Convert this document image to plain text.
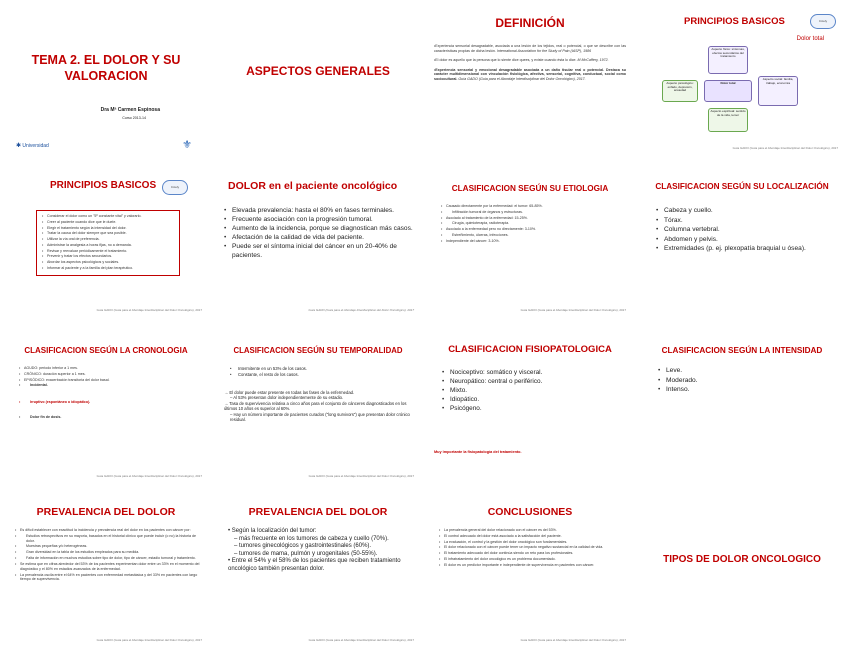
TEMA 2. EL DOLOR Y SU VALORACION
Dra Mª Carmen Espinosa
Curso 2013-14
✱ Universidad	⚜
ASPECTOS GENERALES
DEFINICIÓN

•Experiencia sensorial desagradable, asociada a una lesión de los tejidos, real o potencial, o que se describe con las características propias de dicha lesión. International Association for the Study of Pain (IASP), 1986

•El dolor es aquello que la persona que lo siente dice quees, y existe cuando ésta lo dice. M McCaffery, 1972.

•Experiencia sensorial y emocional desagradable asociada a un daño tisular real o potencial. Destaca su carácter multidimensional con vinculación fisiológica, afectiva, sensorial, cognitiva, conductual, social como sociocultural. Guía GADO (Guía para el Abordaje Interdisciplinar del Dolor Oncológico), 2017.

PRINCIPIOS BASICOS	Cicely
Dolor total
Aspecto físico: síntomas, efectos secundarios del tratamiento
Aspecto psicológico: enfado, depresión, ansiedad
Dolor total
Aspecto social: familia, trabajo, economía
Aspecto espiritual: sentido de la vida, temor
Guía GADO (Guía para el Abordaje Interdisciplinar del Dolor Oncológico), 2017
PRINCIPIOS BASICOS	Cicely
• Considerar el dolor como un "5º constante vital" y valorarlo.
• Creer al paciente cuando dice que le duele.
• Elegir el tratamiento según la intensidad del dolor.
• Tratar la causa del dolor siempre que sea posible.
• Utilizar la vía oral de preferencia.
• Administrar la analgesia a horas fijas, no a demanda.
• Revisar y reevaluar periódicamente el tratamiento.
• Prevenir y tratar los efectos secundarios.
• Abordar los aspectos psicológicos y sociales.
• Informar al paciente y a la familia del plan terapéutico.
Guía GADO (Guía para el Abordaje Interdisciplinar del Dolor Oncológico), 2017
DOLOR en el paciente oncológico
• Elevada prevalencia: hasta el 80% en fases terminales.
• Frecuente asociación con la progresión tumoral.
• Aumento de la incidencia, porque se diagnostican más casos.
• Afectación de la calidad de vida del paciente.
• Puede ser el síntoma inicial del cáncer en un 20-40% de pacientes.
Guía GADO (Guía para el Abordaje Interdisciplinar del Dolor Oncológico), 2017
CLASIFICACION SEGÚN SU ETIOLOGIA
• Causado directamente por la enfermedad: el tumor: 65-85%.
• Infiltración tumoral de órganos y estructuras.
• Asociado al tratamiento de la enfermedad: 15-25%.
• Cirugía, quimioterapia, radioterapia.
• Asociado a la enfermedad pero no directamente: 3-10%.
• Estreñimiento, úlceras, infecciones.
• Independiente del cáncer: 3-10%.
Guía GADO (Guía para el Abordaje Interdisciplinar del Dolor Oncológico), 2017
CLASIFICACION SEGÚN SU LOCALIZACIÓN
• Cabeza y cuello.
• Tórax.
• Columna vertebral.
• Abdomen y pelvis.
• Extremidades (p. ej. plexopatía braquial u ósea).
CLASIFICACION SEGÚN LA CRONOLOGIA
• AGUDO: periodo inferior a 1 mes.
• CRÓNICO: duración superior a 1 mes.
• EPISÓDICO: exacerbación transitoria del dolor basal.
• Incidental.
• Irruptivo (espontáneo o idiopático).
• Dolor fin de dosis.
Guía GADO (Guía para el Abordaje Interdisciplinar del Dolor Oncológico), 2017
CLASIFICACION SEGÚN SU TEMPORALIDAD
• Intermitente en un 53% de los casos.
• Constante, el resto de los casos.
→ El dolor puede estar presente en todas las fases de la enfermedad.
– Al 53% presentan dolor independientemente de su estadio.
→ Tasa de supervivencia relativa a cinco años para el conjunto de cánceres diagnosticados en los últimos 10 años es superior al 60%.
– Hay un número importante de pacientes curados ("long survivors") que presentan dolor crónico residual.
Guía GADO (Guía para el Abordaje Interdisciplinar del Dolor Oncológico), 2017
CLASIFICACION FISIOPATOLOGICA
• Nociceptivo: somático y visceral.
• Neuropático: central o periférico.
• Mixto.
• Idiopático.
• Psicógeno.
Muy importante la fisiopatología del tratamiento.
CLASIFICACION SEGÚN LA INTENSIDAD
• Leve.
• Moderado.
• Intenso.
PREVALENCIA DEL DOLOR
• Es difícil establecer con exactitud la incidencia y prevalencia real del dolor en los pacientes con cáncer por:
• Estudios retrospectivos en su mayoría, basados en el historial clínico que puede incluir (o no) la historia de dolor.
• Muestras pequeñas y/o heterogéneas.
• Gran diversidad en la tabla de los estudios empleados para su medida.
• Falta de información en muchos estudios sobre tipo de dolor, tipo de cáncer, estadio tumoral y tratamiento.
• Se estima que en cifras alrededor del 53% de los pacientes experimentan dolor entre un 33% en el momento del diagnóstico y el 80% en estadios avanzados de la enfermedad.
• La prevalencia oscila entre el 64% en pacientes con enfermedad metastásica y del 33% en pacientes con largo tiempo de supervivencia.
Guía GADO (Guía para el Abordaje Interdisciplinar del Dolor Oncológico), 2017
PREVALENCIA DEL DOLOR
• Según la localización del tumor:
– más frecuente en los tumores de cabeza y cuello (70%).
– tumores ginecológicos y gastrointestinales (60%).
– tumores de mama, pulmón y urogenitales (50-55%).
• Entre el 54% y el 58% de los pacientes que reciben tratamiento oncológico también presentan dolor.
Guía GADO (Guía para el Abordaje Interdisciplinar del Dolor Oncológico), 2017
CONCLUSIONES
• La prevalencia general del dolor relacionado con el cáncer es del 53%.
• El control adecuado del dolor está asociado a la satisfacción del paciente.
• La evaluación, el control y la gestión del dolor oncológico son fundamentales.
• El dolor relacionado con el cáncer puede tener un impacto negativo sustancial en la calidad de vida.
• El tratamiento adecuado del dolor continúa siendo un reto para los profesionales.
• El infratratamiento del dolor oncológico es un problema documentado.
• El dolor es un predictor importante e independiente de supervivencia en pacientes con cáncer.
Guía GADO (Guía para el Abordaje Interdisciplinar del Dolor Oncológico), 2017
TIPOS DE DOLOR ONCOLOGICO
